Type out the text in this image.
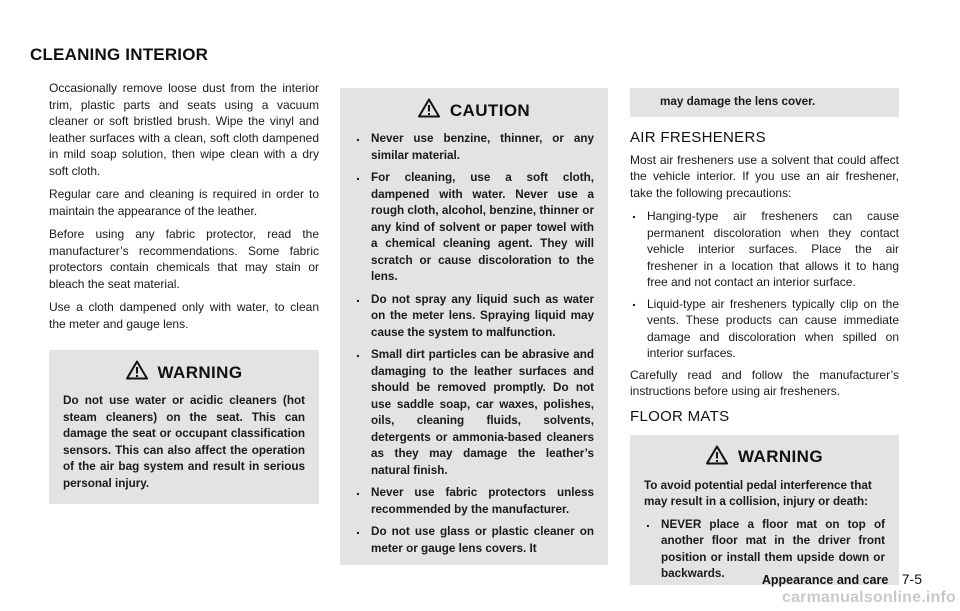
CLEANING INTERIOR

Occasionally remove loose dust from the interior trim, plastic parts and seats using a vacuum cleaner or soft bristled brush. Wipe the vinyl and leather surfaces with a clean, soft cloth dampened in mild soap solution, then wipe clean with a dry soft cloth.

Regular care and cleaning is required in order to maintain the appearance of the leather.

Before using any fabric protector, read the manufacturer’s recommendations. Some fabric protectors contain chemicals that may stain or bleach the seat material.

Use a cloth dampened only with water, to clean the meter and gauge lens.

WARNING

Do not use water or acidic cleaners (hot steam cleaners) on the seat. This can damage the seat or occupant classification sensors. This can also affect the operation of the air bag system and result in serious personal injury.

CAUTION
. Never use benzine, thinner, or any similar material.
. For cleaning, use a soft cloth, dampened with water. Never use a rough cloth, alcohol, benzine, thinner or any kind of solvent or paper towel with a chemical cleaning agent. They will scratch or cause discoloration to the lens.
. Do not spray any liquid such as water on the meter lens. Spraying liquid may cause the system to malfunction.
. Small dirt particles can be abrasive and damaging to the leather surfaces and should be removed promptly. Do not use saddle soap, car waxes, polishes, oils, cleaning fluids, solvents, detergents or ammonia-based cleaners as they may damage the leather’s natural finish.
. Never use fabric protectors unless recommended by the manufacturer.
. Do not use glass or plastic cleaner on meter or gauge lens covers. It
may damage the lens cover.
AIR FRESHENERS

Most air fresheners use a solvent that could affect the vehicle interior. If you use an air freshener, take the following precautions:

. Hanging-type air fresheners can cause permanent discoloration when they contact vehicle interior surfaces. Place the air freshener in a location that allows it to hang free and not contact an interior surface.
. Liquid-type air fresheners typically clip on the vents. These products can cause immediate damage and discoloration when spilled on interior surfaces.

Carefully read and follow the manufacturer’s instructions before using air fresheners.

FLOOR MATS
WARNING

To avoid potential pedal interference that may result in a collision, injury or death:

. NEVER place a floor mat on top of another floor mat in the driver front position or install them upside down or backwards.	Appearance and care 7-5
carmanualsonline.info
